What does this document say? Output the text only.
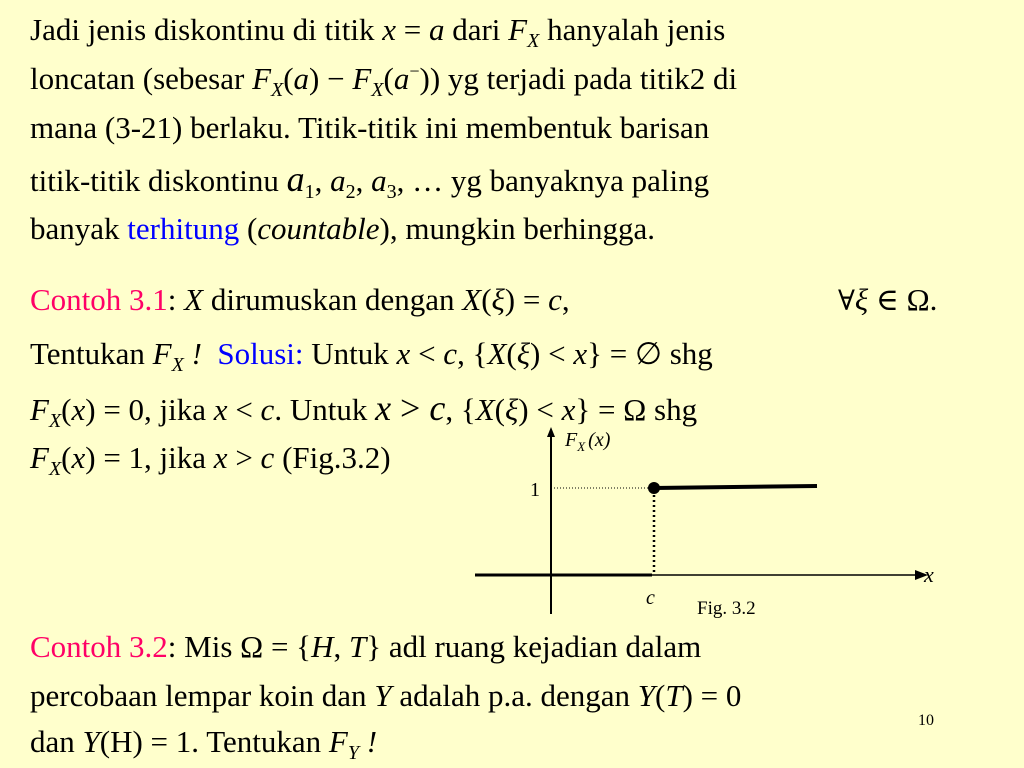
Jadi jenis diskontinu di titik x = a dari $F_X$ hanyalah jenis
loncatan (sebesar $F_X(a) - F_X(a^-)$) yg terjadi pada titik2 di
mana (3-21) berlaku. Titik-titik ini membentuk barisan
titik-titik diskontinu $a_1$, $a_2$, $a_3$, … yg banyaknya paling
banyak terhitung (countable), mungkin berhingga.
Contoh 3.1: X dirumuskan dengan X(ξ) = c,	∀ξ ∈ Ω.
Tentukan $F_X$ ! Solusi: Untuk x < c, {X(ξ) < x} = ∅ shg
$F_X(x) = 0$, jika x < c. Untuk x > c, {X(ξ) < x} = Ω shg
$F_X(x) = 1$, jika x > c (Fig.3.2)	$F_X$ (x)
1
x
c Fig. 3.2
Contoh 3.2: Mis Ω = {H, T} adl ruang kejadian dalam
percobaan lempar koin dan Y adalah p.a. dengan Y(T) = 0
dan Y(H) = 1. Tentukan $F_Y$ !
10
